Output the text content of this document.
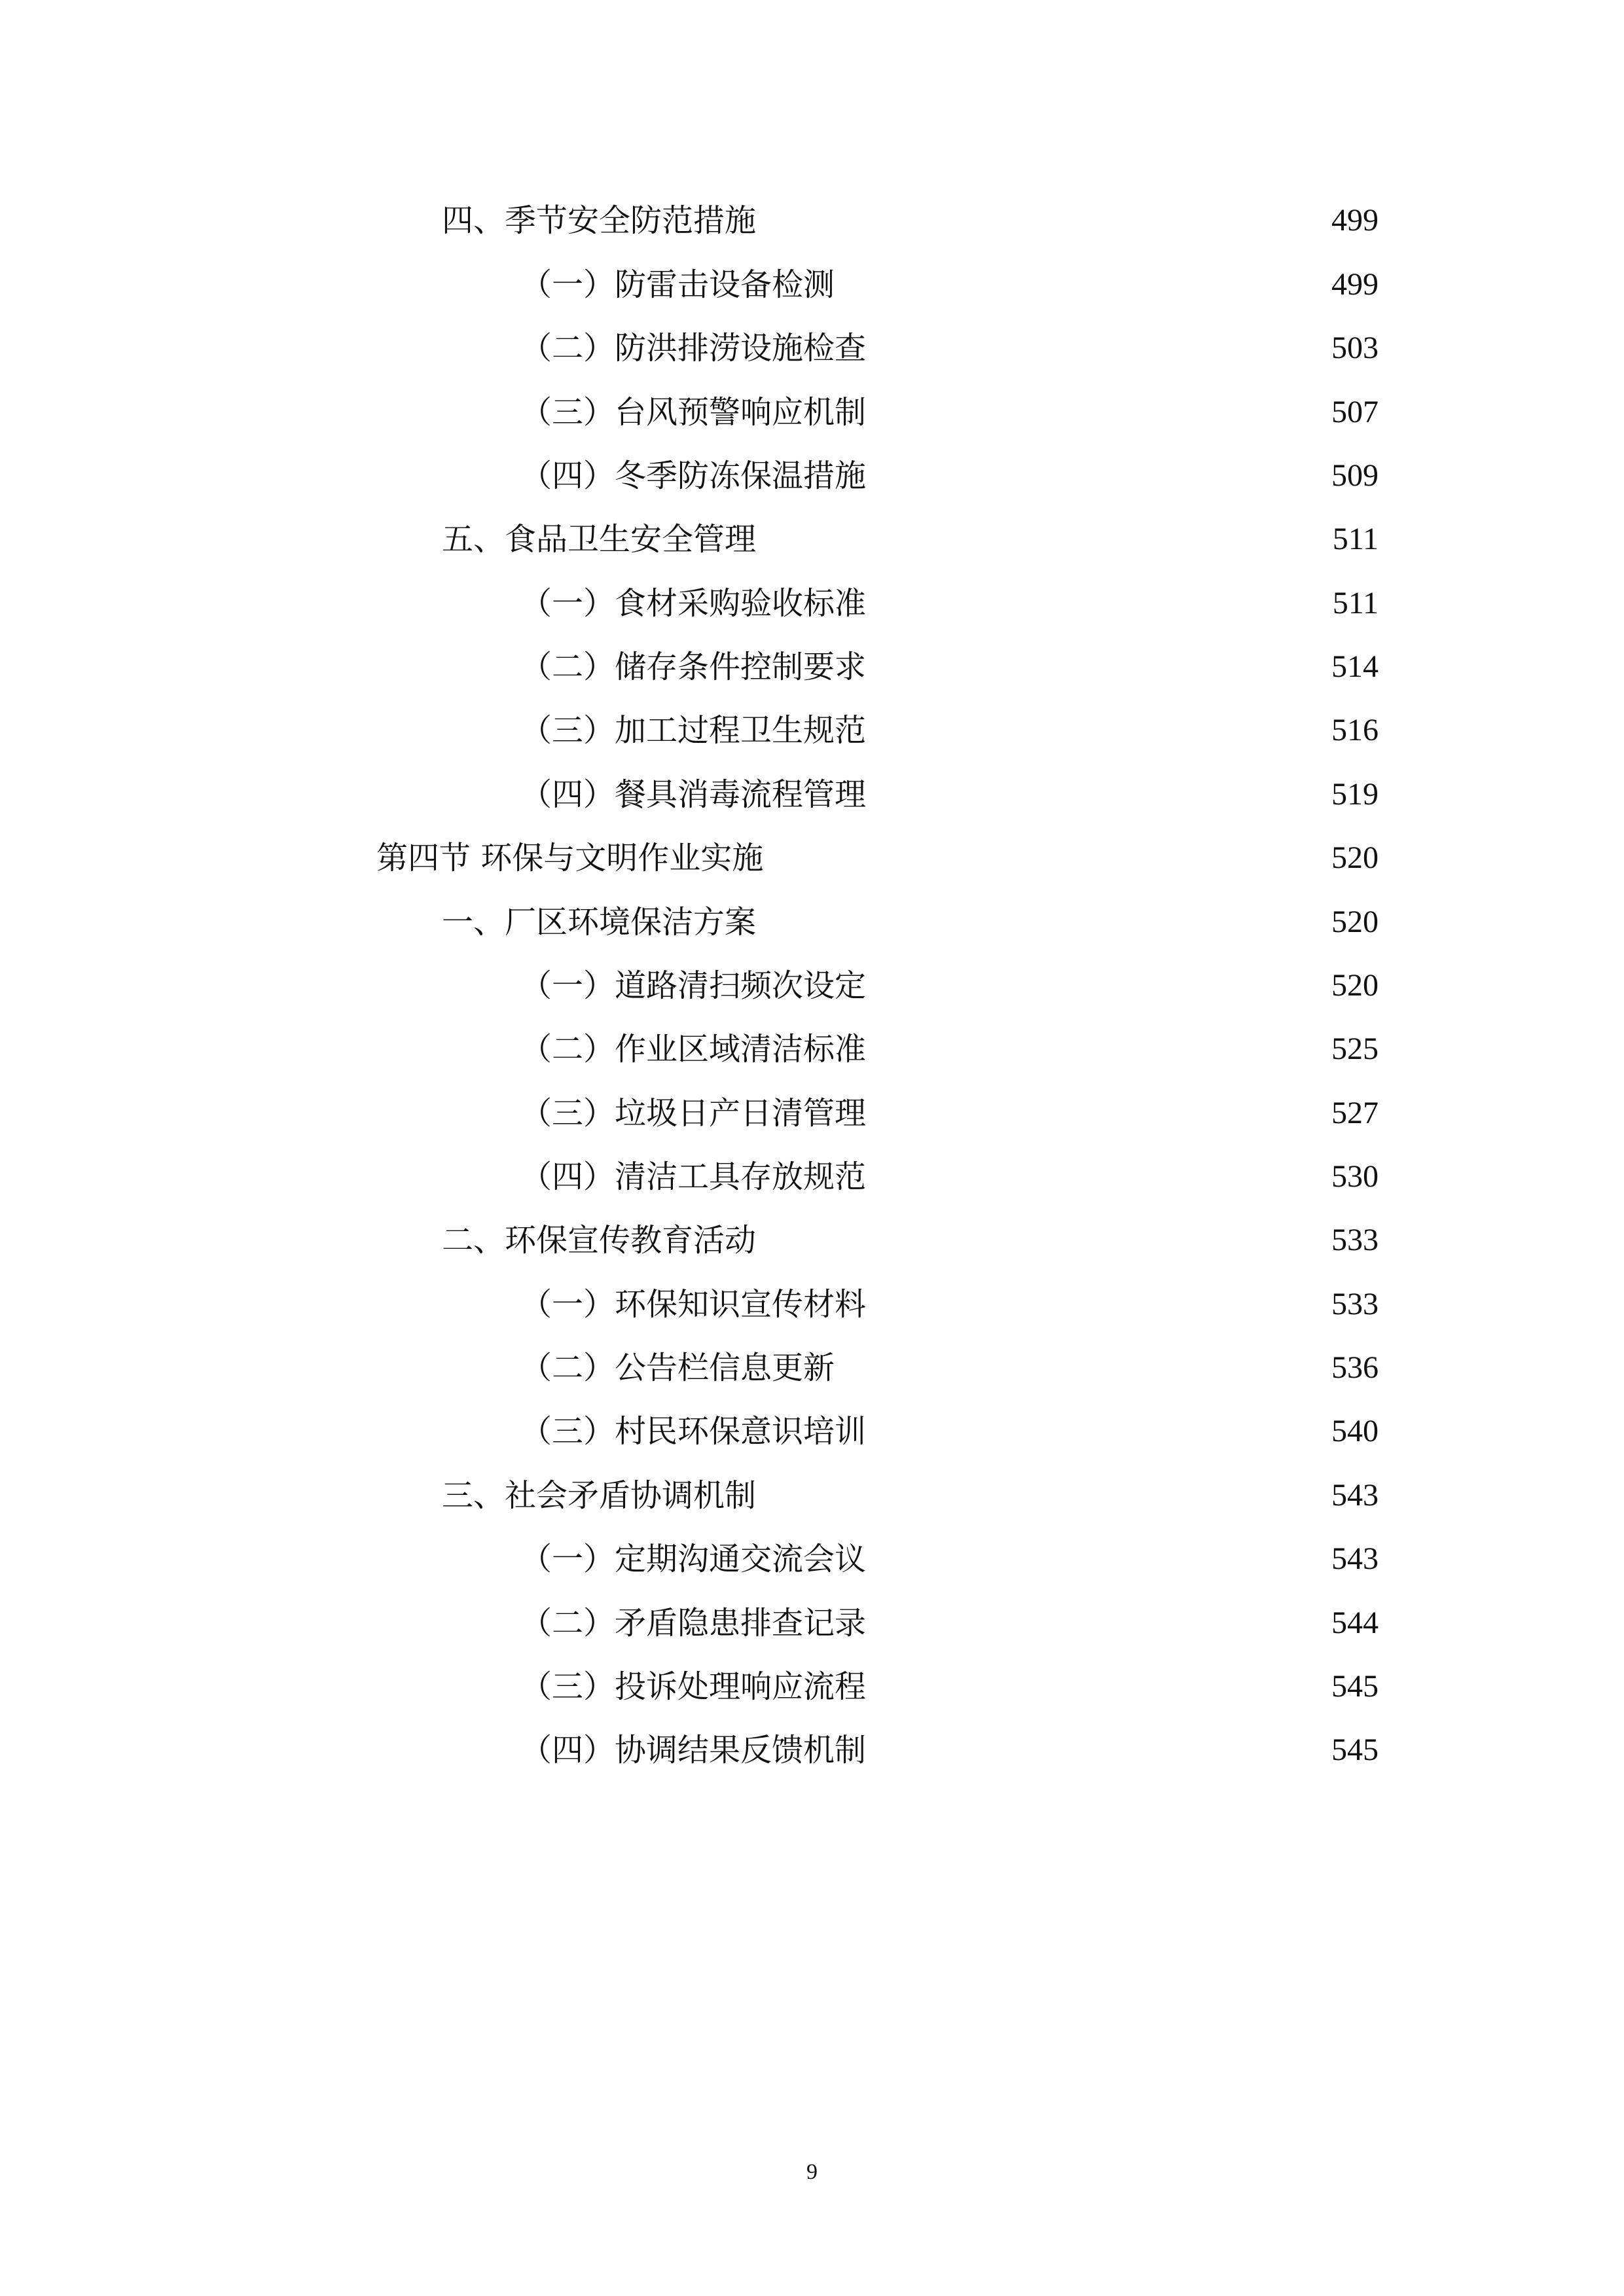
四、季节安全防范措施 . . .	499
（一）防雷击设备检测 . . .	499
（二）防洪排涝设施检查 . . .	503
（三）台风预警响应机制 . . .	507
（四）冬季防冻保温措施 . . .	509
五、食品卫生安全管理 . . .	511
（一）食材采购验收标准 . . .	511
（二）储存条件控制要求 . . .	514
（三）加工过程卫生规范 . . .	516
（四）餐具消毒流程管理 . . .	519
第四节 环保与文明作业实施 . . .	520
一、厂区环境保洁方案 . . .	520
（一）道路清扫频次设定 . . .	520
（二）作业区域清洁标准 . . .	525
（三）垃圾日产日清管理 . . .	527
（四）清洁工具存放规范 . . .	530
二、环保宣传教育活动 . . .	533
（一）环保知识宣传材料 . . .	533
（二）公告栏信息更新 . . .	536
（三）村民环保意识培训 . . .	540
三、社会矛盾协调机制 . . .	543
（一）定期沟通交流会议 . . .	543
（二）矛盾隐患排查记录 . . .	544
（三）投诉处理响应流程 . . .	545
（四）协调结果反馈机制 . . .	545
9
